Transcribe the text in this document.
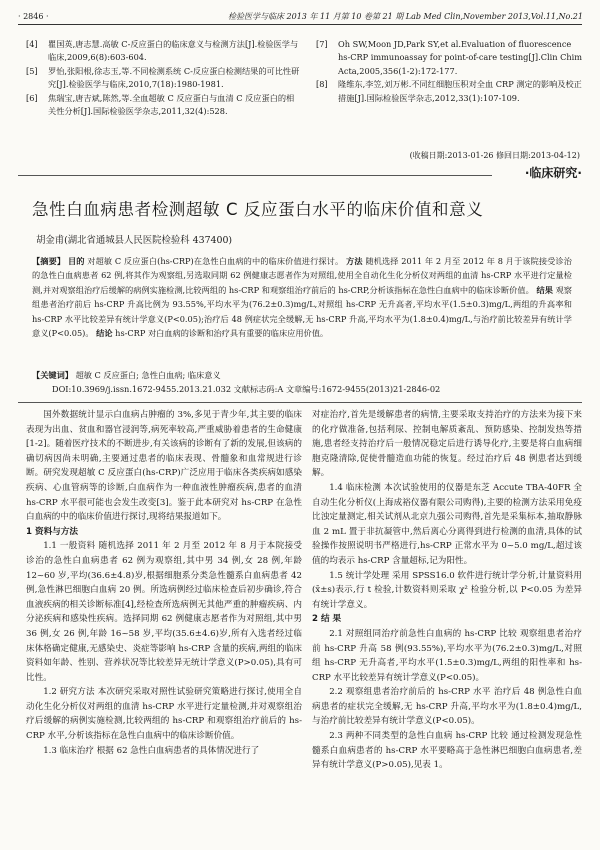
· 2846 ·	检验医学与临床 2013 年 11 月第 10 卷第 21 期 Lab Med Clin,November 2013,Vol.11,No.21
[4] 瞿国英,唐志慧.高敏 C-反应蛋白的临床意义与检测方法[J].检验医学与临床,2009,6(8):603-604.
[5] 罗怡,张阳根,徐志玉,等.不同检测系统 C-反应蛋白检测结果的可比性研究[J].检验医学与临床,2010,7(18):1980-1981.
[6] 焦瑞宝,唐吉斌,陈然,等.全血超敏 C 反应蛋白与血清 C 反应蛋白的相关性分析[J].国际检验医学杂志,2011,32(4):528.
[7] Oh SW,Moon JD,Park SY,et al.Evaluation of fluorescence hs-CRP immunoassay for point-of-care testing[J].Clin Chim Acta,2005,356(1-2):172-177.
[8] 隆维东,李笠,刘万彬.不同红细胞压积对全血 CRP 测定的影响及校正措施[J].国际检验医学杂志,2012,33(1):107-109.
(收稿日期:2013-01-26 修回日期:2013-04-12)
·临床研究·
急性白血病患者检测超敏 C 反应蛋白水平的临床价值和意义
胡金甫(湖北省通城县人民医院检验科 437400)
【摘要】 目的 对超敏 C 反应蛋白(hs-CRP)在急性白血病的中的临床价值进行探讨。 方法 随机选择 2011 年 2 月至 2012 年 8 月于该院接受诊治的急性白血病患者 62 例,将其作为观察组,另选取同期 62 例健康志愿者作为对照组,使用全自动化生化分析仪对两组的血清 hs-CRP 水平进行定量检测,并对观察组治疗后缓解的病例实施检测,比较两组的 hs-CRP 和观察组治疗前后的 hs-CRP,分析该指标在急性白血病中的临床诊断价值。 结果 观察组患者治疗前后 hs-CRP 升高比例为 93.55%,平均水平为(76.2±0.3)mg/L,对照组 hs-CRP 无升高者,平均水平(1.5±0.3)mg/L,两组的升高率和 hs-CRP 水平比较差异有统计学意义(P<0.05);治疗后 48 例症状完全缓解,无 hs-CRP 升高,平均水平为(1.8±0.4)mg/L,与治疗前比较差异有统计学意义(P<0.05)。 结论 hs-CRP 对白血病的诊断和治疗具有重要的临床应用价值。
【关键词】 超敏 C 反应蛋白; 急性白血病; 临床意义
DOI:10.3969/j.issn.1672-9455.2013.21.032 文献标志码:A 文章编号:1672-9455(2013)21-2846-02

国外数据统计显示白血病占肿瘤的 3%,多见于青少年,其主要的临床表现为出血、贫血和器官浸润等,病死率较高,严重威胁着患者的生命健康[1-2]。随着医疗技术的不断进步,有关该病的诊断有了新的发展,但该病的确切病因尚未明确,主要通过患者的临床表现、骨髓象和血常规进行诊断。研究发现超敏 C 反应蛋白(hs-CRP)广泛应用于临床各类疾病如感染疾病、心血管病等的诊断,白血病作为一种血液性肿瘤疾病,患者的血清 hs-CRP 水平很可能也会发生改变[3]。鉴于此本研究对 hs-CRP 在急性白血病的中的临床价值进行探讨,现将结果报道如下。

1 资料与方法

1.1 一般资料 随机选择 2011 年 2 月至 2012 年 8 月于本院接受诊治的急性白血病患者 62 例为观察组,其中男 34 例,女 28 例,年龄 12~60 岁,平均(36.6±4.8)岁,根据细胞系分类急性髓系白血病患者 42 例,急性淋巴细胞白血病 20 例。所选病例经过临床检查后初步确诊,符合血液疾病的相关诊断标准[4],经检查所选病例无其他严重的肿瘤疾病、内分泌疾病和感染性疾病。选择同期 62 例健康志愿者作为对照组,其中男 36 例,女 26 例,年龄 16~58 岁,平均(35.6±4.6)岁,所有入选者经过临床体格确定健康,无感染史、炎症等影响 hs-CRP 含量的疾病,两组的临床资料如年龄、性别、营养状况等比较差异无统计学意义(P>0.05),具有可比性。

1.2 研究方法 本次研究采取对照性试验研究策略进行探讨,使用全自动化生化分析仪对两组的血清 hs-CRP 水平进行定量检测,并对观察组治疗后缓解的病例实施检测,比较两组的 hs-CRP 和观察组治疗前后的 hs-CRP 水平,分析该指标在急性白血病中的临床诊断价值。

1.3 临床治疗 根据 62 急性白血病患者的具体情况进行了

对症治疗,首先是缓解患者的病情,主要采取支持治疗的方法来为接下来的化疗做准备,包括利尿、控制电解质紊乱、预防感染、控制发热等措施,患者经支持治疗后一般情况稳定后进行诱导化疗,主要是将白血病细胞克隆清除,促使骨髓造血功能的恢复。经过治疗后 48 例患者达到缓解。

1.4 临床检测 本次试验使用的仪器是东芝 Accute TBA-40FR 全自动生化分析仪(上海成裕仪器有限公司购得),主要的检测方法采用免疫比浊定量测定,相关试剂从北京九强公司购得,首先是采集标本,抽取静脉血 2 mL 置于非抗凝管中,然后离心分离得到进行检测的血清,具体的试验操作按照说明书严格进行,hs-CRP 正常水平为 0~5.0 mg/L,超过该值的均表示 hs-CRP 含量超标,记为阳性。

1.5 统计学处理 采用 SPSS16.0 软件进行统计学分析,计量资料用(x̄±s)表示,行 t 检验,计数资料则采取 χ² 检验分析,以 P<0.05 为差异有统计学意义。

2 结 果

2.1 对照组同治疗前急性白血病的 hs-CRP 比较 观察组患者治疗前 hs-CRP 升高 58 例(93.55%),平均水平为(76.2±0.3)mg/L,对照组 hs-CRP 无升高者,平均水平(1.5±0.3)mg/L,两组的阳性率和 hs-CRP 水平比较差异有统计学意义(P<0.05)。

2.2 观察组患者治疗前后的 hs-CRP 水平 治疗后 48 例急性白血病患者的症状完全缓解,无 hs-CRP 升高,平均水平为(1.8±0.4)mg/L,与治疗前比较差异有统计学意义(P<0.05)。

2.3 两种不同类型的急性白血病 hs-CRP 比较 通过检测发现急性髓系白血病患者的 hs-CRP 水平要略高于急性淋巴细胞白血病患者,差异有统计学意义(P>0.05),见表 1。
